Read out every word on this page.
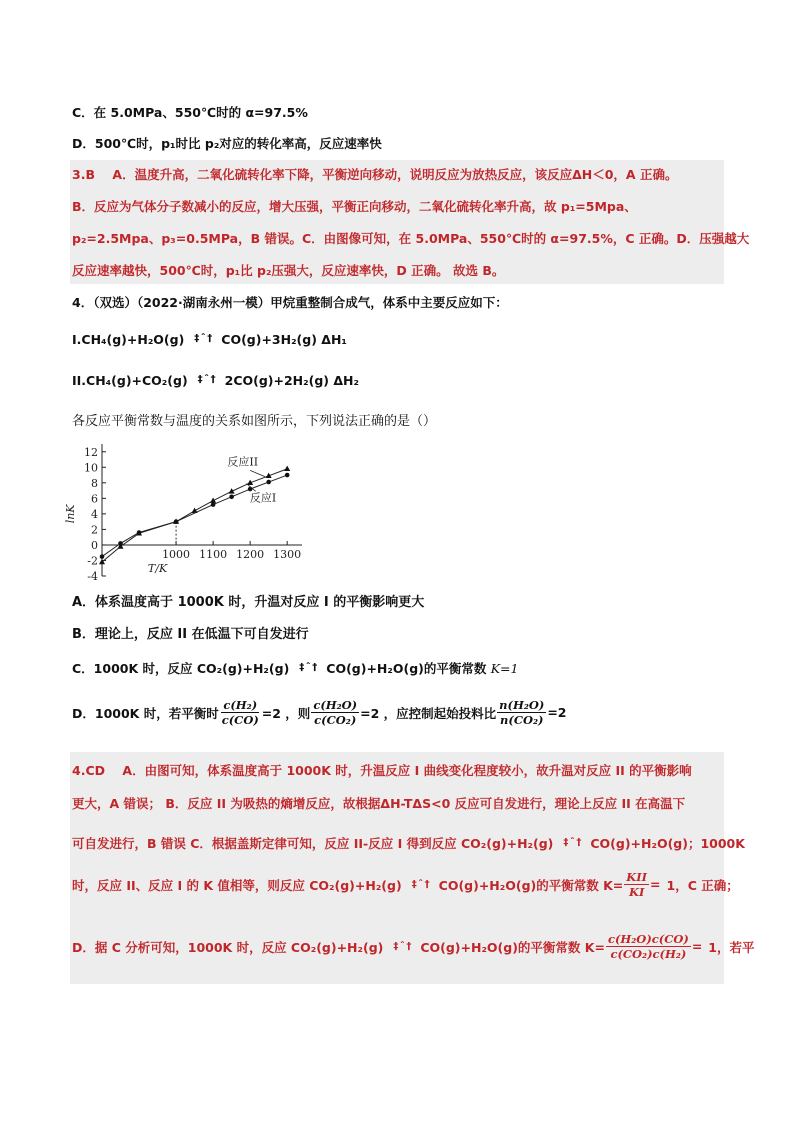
C．在 5.0MPa、550℃时的 α=97.5%
D．500℃时，p₁时比 p₂对应的转化率高，反应速率快
3.B A．温度升高，二氧化硫转化率下降，平衡逆向移动，说明反应为放热反应，该反应ΔH＜0，A 正确。
B．反应为气体分子数减小的反应，增大压强，平衡正向移动，二氧化硫转化率升高，故 p₁=5Mpa、
p₂=2.5Mpa、p₃=0.5MPa，B 错误。C．由图像可知，在 5.0MPa、550℃时的 α=97.5%，C 正确。D．压强越大
反应速率越快，500℃时，p₁比 p₂压强大，反应速率快，D 正确。 故选 B。
4．（双选）（2022·湖南永州一模）甲烷重整制合成气，体系中主要反应如下：
I.CH₄(g)+H₂O(g) ‡ ˆ † CO(g)+3H₂(g) ΔH₁
II.CH₄(g)+CO₂(g) ‡ ˆ † 2CO(g)+2H₂(g) ΔH₂
各反应平衡常数与温度的关系如图所示，下列说法正确的是（）
-4
-2
0
2
4
6
8
10
12
1000 1100 1200 1300
lnK
T/K
反应II
反应I
A．体系温度高于 1000K 时，升温对反应 I 的平衡影响更大
B．理论上，反应 II 在低温下可自发进行
C．1000K 时，反应 CO₂(g)+H₂(g) ‡ ˆ † CO(g)+H₂O(g)的平衡常数 K=1
D．1000K 时，若平衡时 $\frac{\text{c(H₂)}}{c(CO)} =2$ ，则 $\frac{\text{c(H₂O)}}{\text{c(CO₂)}} =2$ ，应控制起始投料比 $\frac{\text{n(H₂O)}}{\text{n(CO₂)}} =2$
4.CD A．由图可知，体系温度高于 1000K 时，升温反应 I 曲线变化程度较小，故升温对反应 II 的平衡影响
更大，A 错误； B．反应 II 为吸热的熵增反应，故根据ΔH-TΔS<0 反应可自发进行，理论上反应 II 在高温下
可自发进行，B 错误 C．根据盖斯定律可知，反应 II-反应 I 得到反应 CO₂(g)+H₂(g) ‡ ˆ † CO(g)+H₂O(g)；1000K
时，反应 II、反应 I 的 K 值相等，则反应 CO₂(g)+H₂(g) ‡ ˆ † CO(g)+H₂O(g)的平衡常数 $K= \frac{\text{KII}}{KI} = 1$，C 正确；
D．据 C 分析可知，1000K 时，反应 CO₂(g)+H₂(g) ‡ ˆ † CO(g)+H₂O(g)的平衡常数 $K= \frac{\text{c(H₂O)c(CO)}}{\text{c(CO₂)c(H₂)}} = 1$，若平
